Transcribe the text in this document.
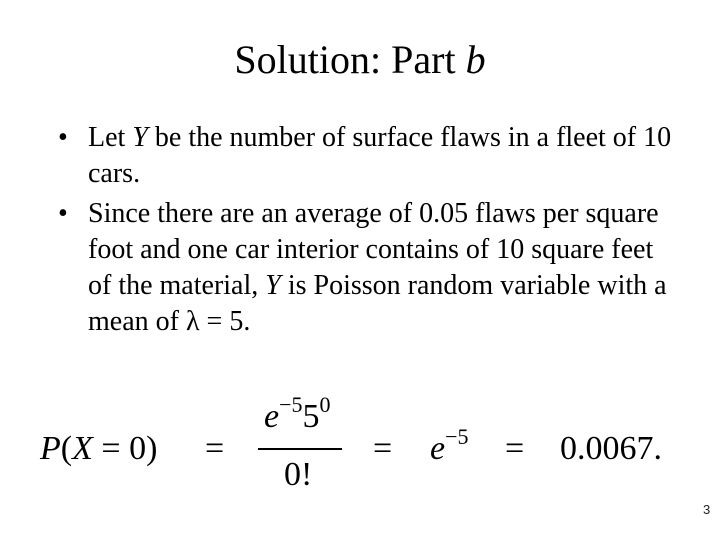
Solution: Part b
• Let Y be the number of surface flaws in a fleet of 10 cars.
• Since there are an average of 0.05 flaws per square foot and one car interior contains of 10 square feet of the material, Y is Poisson random variable with a mean of λ = 5.
P(X = 0) =
$e^{-5}5^0$
0!
= $e^{-5} = 0.0067$.
3
